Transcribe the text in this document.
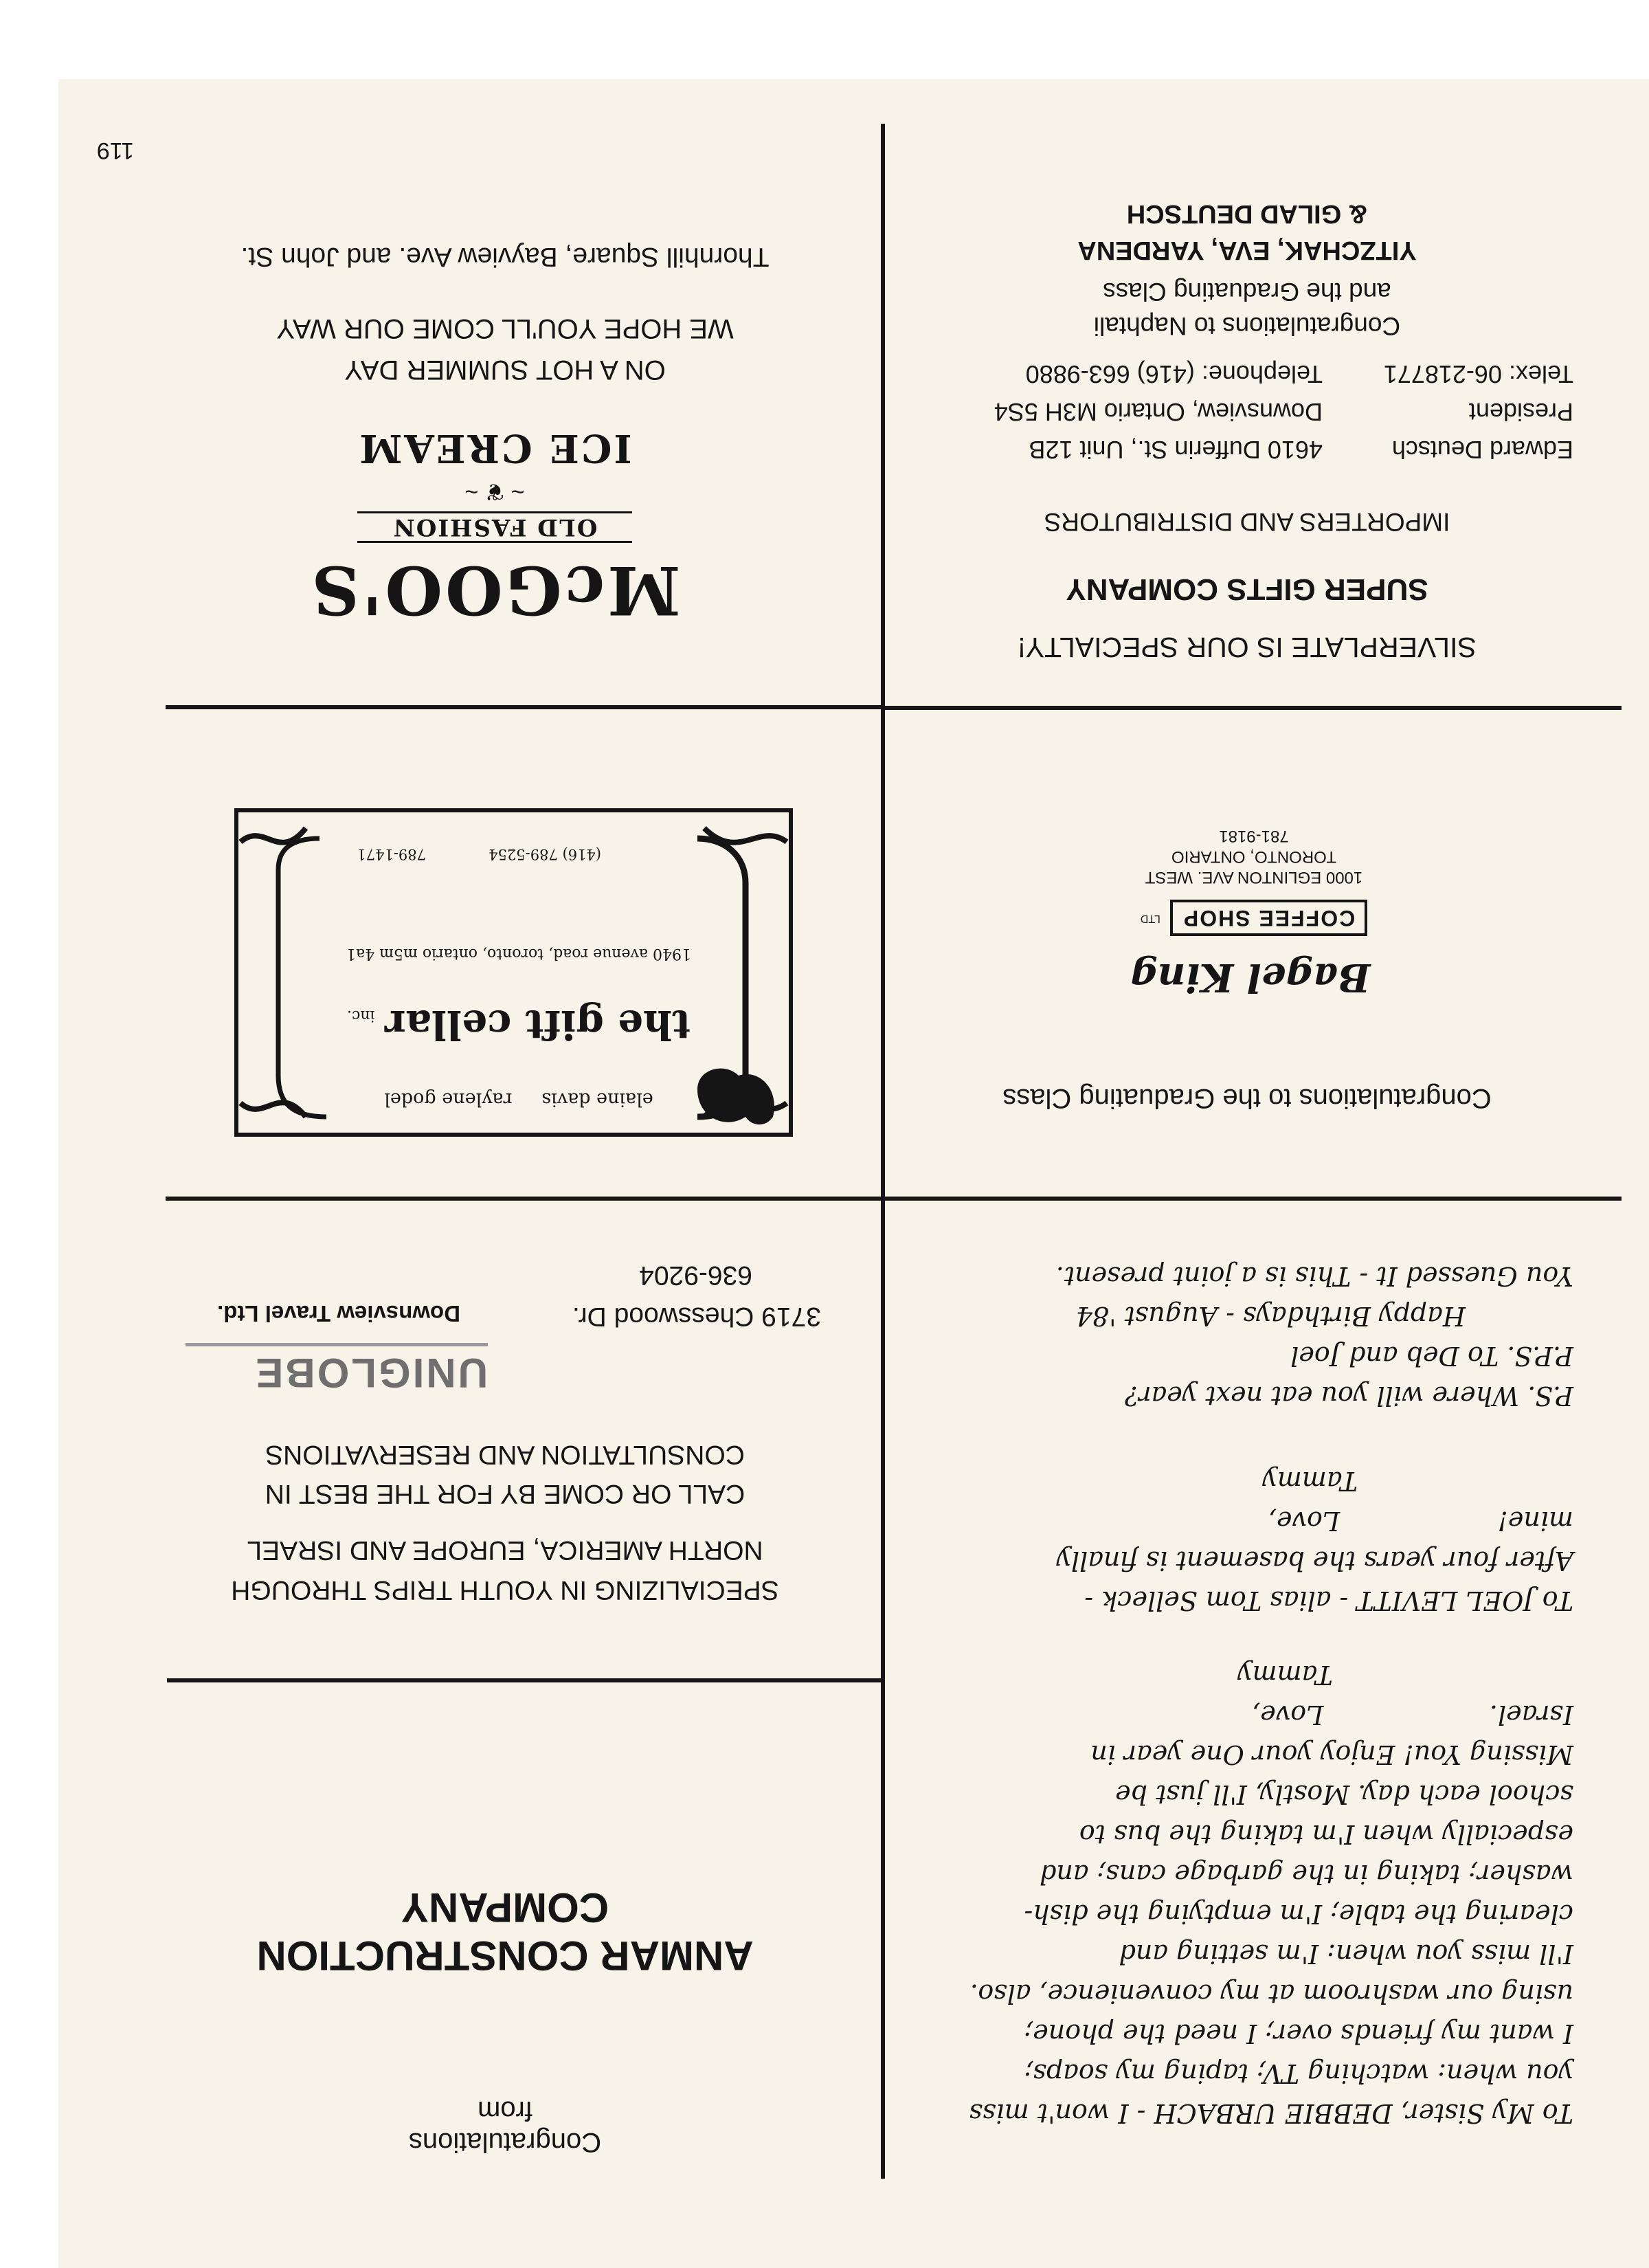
119
To My Sister, DEBBIE URBACH - I won't miss
you when: watching TV; taping my soaps;
I want my friends over; I need the phone;
using our washroom at my convenience, also.
I'll miss you when: I'm setting and
clearing the table; I'm emptying the dish-
washer; taking in the garbage cans; and
especially when I'm taking the bus to
school each day. Mostly, I'll just be
Missing You! Enjoy your One year in
Israel.                    Love,
Tammy
To JOEL LEVITT - alias Tom Selleck -
After four years the basement is finally
mine!                   Love,
Tammy
P.S. Where will you eat next year?
P.P.S. To Deb and Joel
Happy Birthdays - August '84
You Guessed It - This is a joint present.
Congratulations to the Graduating Class
Bagel King
COFFEE SHOP
LTD
1000 EGLINTON AVE. WEST
TORONTO, ONTARIO
781-9181
SILVERPLATE IS OUR SPECIALTY!
SUPER GIFTS COMPANY
IMPORTERS AND DISTRIBUTORS
Edward Deutsch
President
Telex: 06-218771
4610 Dufferin St., Unit 12B
Downsview, Ontario M3H 5S4
Telephone: (416) 663-9880
Congratulations to Naphtali
and the Graduating Class
YITZCHAK, EVA, YARDENA
& GILAD DEUTSCH
Congratulations
from
ANMAR CONSTRUCTION
COMPANY
SPECIALIZING IN YOUTH TRIPS THROUGH
NORTH AMERICA, EUROPE AND ISRAEL
CALL OR COME BY FOR THE BEST IN
CONSULTATION AND RESERVATIONS
UNIGLOBE
3719 Chesswood Dr.
Downsview Travel Ltd.
636-9204
elaine davis     raylene godel
the gift cellar inc.
1940 avenue road, toronto, ontario m5m 4a1
(416) 789-5254
789-1471
McGOO'S
OLD FASHION
~ ❦ ~
ICE CREAM
ON A HOT SUMMER DAY
WE HOPE YOU'LL COME OUR WAY
Thornhill Square, Bayview Ave. and John St.
